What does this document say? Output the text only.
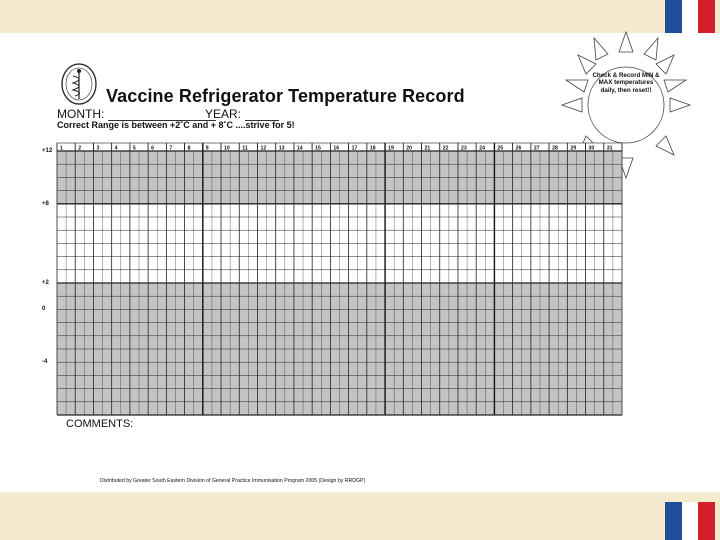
Vaccine Refrigerator Temperature Record
MONTH:	YEAR:
Correct Range is between +2˚C and + 8˚C ....strive for 5!
Check & Record MIN & MAX temperatures daily, then reset!!
1	2	3	4	5	6	7	8	9	10 11 12 13 14 15 16 17 18 19 20 21 22 23 24 25 26 27 28 29 30 31
+12
+8
+2
0
-4
COMMENTS:
Distributed by Greater South Eastern Division of General Practice Immunisation Program 2005 (Design by RRDGP)
